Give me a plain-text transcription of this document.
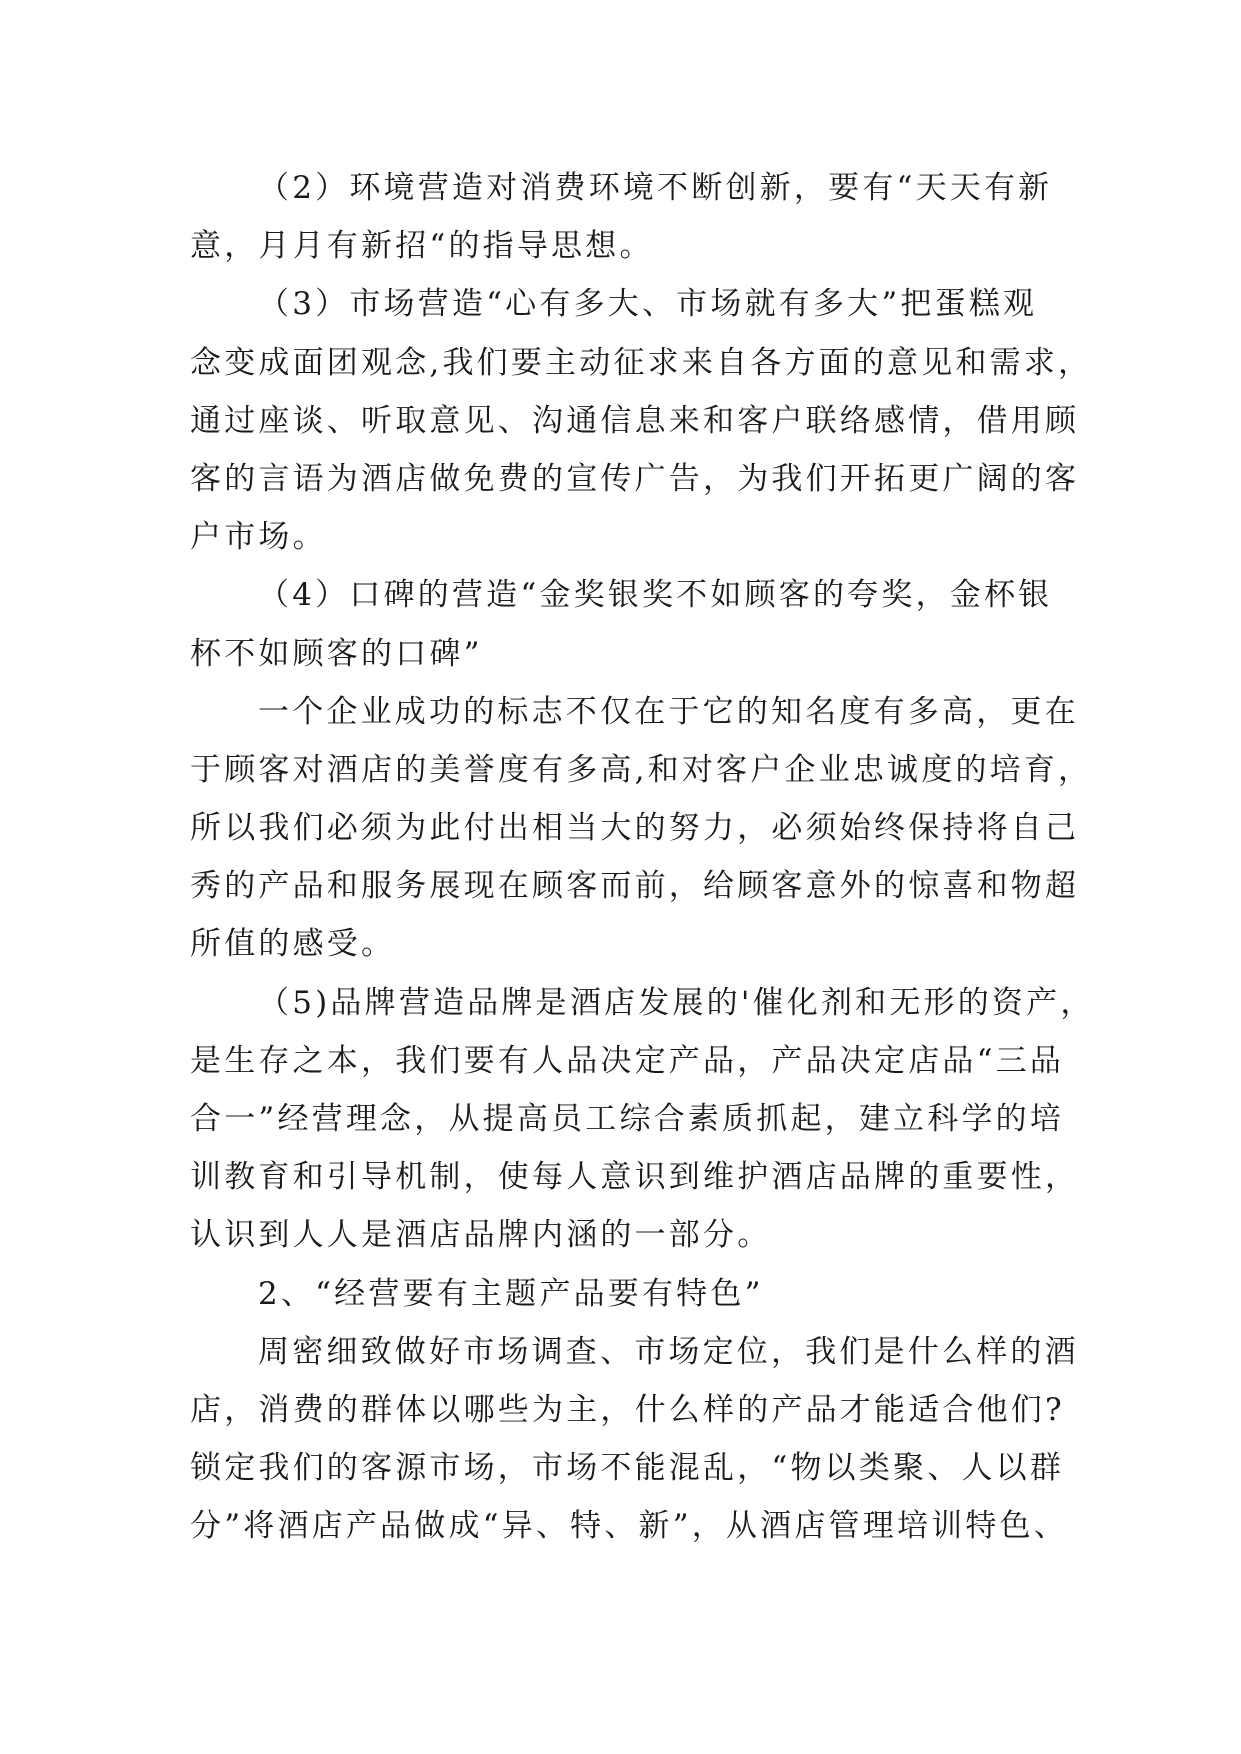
（2）环境营造对消费环境不断创新，要有“天天有新
意，月月有新招“的指导思想。
（3）市场营造“心有多大、市场就有多大”把蛋糕观
念变成面团观念,我们要主动征求来自各方面的意见和需求，
通过座谈、听取意见、沟通信息来和客户联络感情，借用顾
客的言语为酒店做免费的宣传广告，为我们开拓更广阔的客
户市场。
（4）口碑的营造“金奖银奖不如顾客的夸奖，金杯银
杯不如顾客的口碑”
一个企业成功的标志不仅在于它的知名度有多高，更在
于顾客对酒店的美誉度有多高,和对客户企业忠诚度的培育，
所以我们必须为此付出相当大的努力，必须始终保持将自己
秀的产品和服务展现在顾客而前，给顾客意外的惊喜和物超
所值的感受。
（5)品牌营造品牌是酒店发展的'催化剂和无形的资产，
是生存之本，我们要有人品决定产品，产品决定店品“三品
合一”经营理念，从提高员工综合素质抓起，建立科学的培
训教育和引导机制，使每人意识到维护酒店品牌的重要性，
认识到人人是酒店品牌内涵的一部分。
2、“经营要有主题产品要有特色”
周密细致做好市场调查、市场定位，我们是什么样的酒
店，消费的群体以哪些为主，什么样的产品才能适合他们?
锁定我们的客源市场，市场不能混乱，“物以类聚、人以群
分”将酒店产品做成“异、特、新”，从酒店管理培训特色、
